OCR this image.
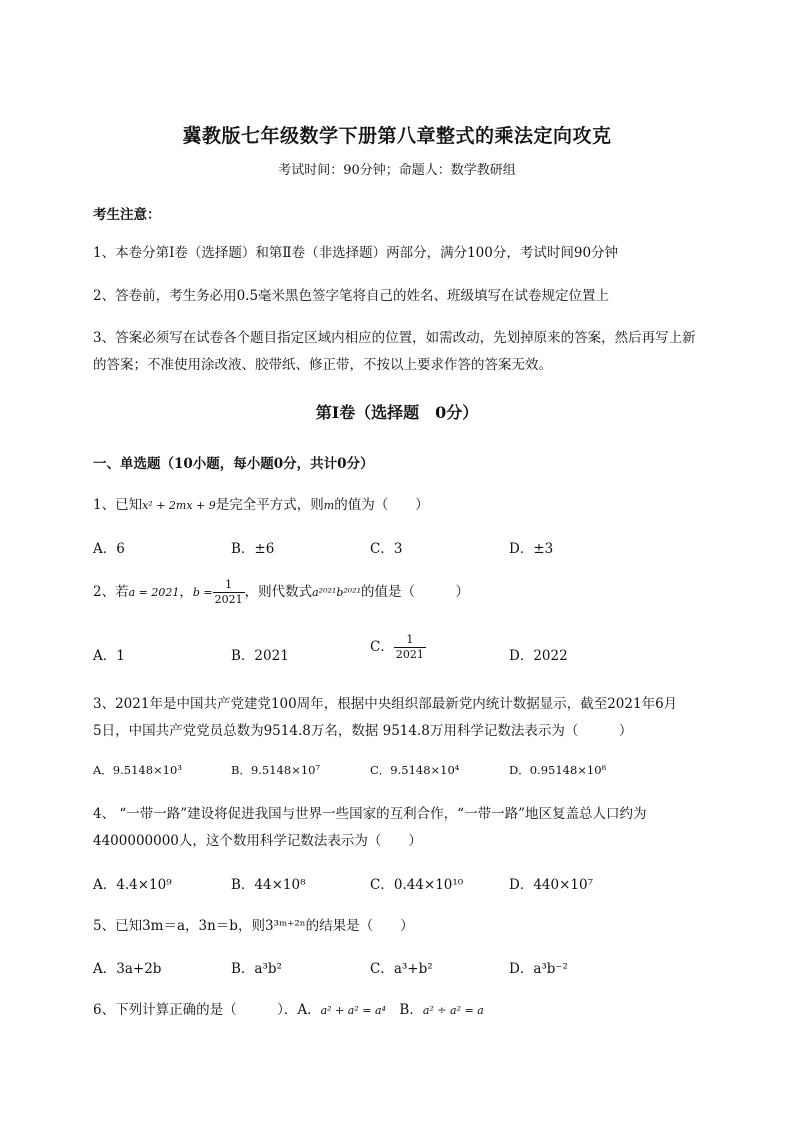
冀教版七年级数学下册第八章整式的乘法定向攻克
考试时间：90分钟；命题人：数学教研组
考生注意：
1、本卷分第I卷（选择题）和第Ⅱ卷（非选择题）两部分，满分100分，考试时间90分钟
2、答卷前，考生务必用0.5毫米黑色签字笔将自己的姓名、班级填写在试卷规定位置上
3、答案必须写在试卷各个题目指定区域内相应的位置，如需改动，先划掉原来的答案，然后再写上新
的答案；不准使用涂改液、胶带纸、修正带，不按以上要求作答的答案无效。
第I卷（选择题　0分）
一、单选题（10小题，每小题0分，共计0分）
1、已知x² + 2mx + 9是完全平方式，则m的值为（　　）
A．6	B．±6	C．3	D．±3
2、若a = 2021，$b = \frac{1}{2021}$ ，则代数式a²⁰²¹b²⁰²¹的值是（　　　）
A．1	B．2021
C． $\frac{1}{2021}$	D．2022
3、2021年是中国共产党建党100周年，根据中央组织部最新党内统计数据显示，截至2021年6月
5日，中国共产党党员总数为9514.8万名，数据 9514.8万用科学记数法表示为（　　　）
A．9.5148×10³	B．9.5148×10⁷	C．9.5148×10⁴	D．0.95148×10⁸
4、 “一带一路”建设将促进我国与世界一些国家的互利合作，“一带一路”地区复盖总人口约为
4400000000人，这个数用科学记数法表示为（　　）
A．4.4×10⁹	B．44×10⁸	C．0.44×10¹⁰	D．440×10⁷
5、已知3m＝a，3n＝b，则3³ᵐ⁺²ⁿ的结果是（　　）
A．3a+2b	B．a³b²	C．a³+b²	D．a³b⁻²
6、下列计算正确的是（　　　）．A．a² + a² = a⁴　B．a² ÷ a² = a
